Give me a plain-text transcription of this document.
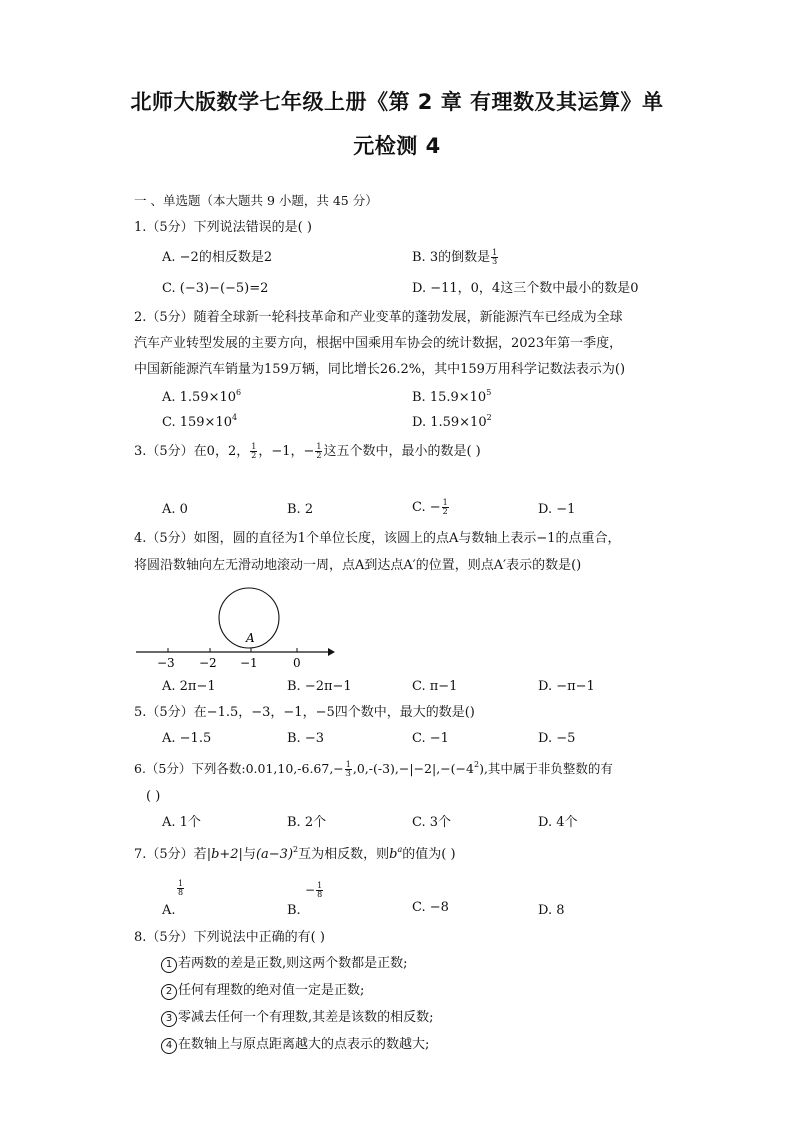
北师大版数学七年级上册《第 2 章 有理数及其运算》单
元检测 4
一 、单选题（本大题共 9 小题，共 45 分）
1.（5分）下列说法错误的是( )
A. −2的相反数是2	B. 3的倒数是 $\frac{1}{3}$
C. (−3)−(−5)=2	D. −11，0，4这三个数中最小的数是0
2.（5分）随着全球新一轮科技革命和产业变革的蓬勃发展，新能源汽车已经成为全球
汽车产业转型发展的主要方向，根据中国乘用车协会的统计数据，2023年第一季度，
中国新能源汽车销量为159万辆，同比增长26.2%，其中159万用科学记数法表示为()
A. $1.59\times 10^6$	B. $15.9\times 10^5$
C. $159\times 10^4$	D. $1.59\times 10^2$
3.（5分）在0，2， $\frac{1}{2}$ ，−1，− $\frac{1}{2}$ 这五个数中，最小的数是( )
A. 0	B. 2	C. − $\frac{1}{2}$	D. −1
4.（5分）如图，圆的直径为1个单位长度，该圆上的点A与数轴上表示−1的点重合，
将圆沿数轴向左无滑动地滚动一周，点A到达点A′的位置，则点A′表示的数是()
A
−3 −2 −1	0
A. 2π−1	B. −2π−1	C. π−1	D. −π−1
5.（5分）在−1.5，−3，−1，−5四个数中，最大的数是()
A. −1.5	B. −3	C. −1	D. −5
6.（5分）下列各数:0.01,10,-6.67,− $\frac{1}{3} ,0,-(-3),-|-2|,-(-4^2)$,其中属于非负整数的有
( )
A. 1个	B. 2个	C. 3个	D. 4个
7.（5分）若|b+2|与$(a-3)^2$互为相反数，则$b^a$的值为( )
$\frac{1}{8}$
A.
− $\frac{1}{8}$
B.	C. −8	D. 8
8.（5分）下列说法中正确的有( )
1 若两数的差是正数,则这两个数都是正数;
2 任何有理数的绝对值一定是正数;
3 零减去任何一个有理数,其差是该数的相反数;
4 在数轴上与原点距离越大的点表示的数越大;
